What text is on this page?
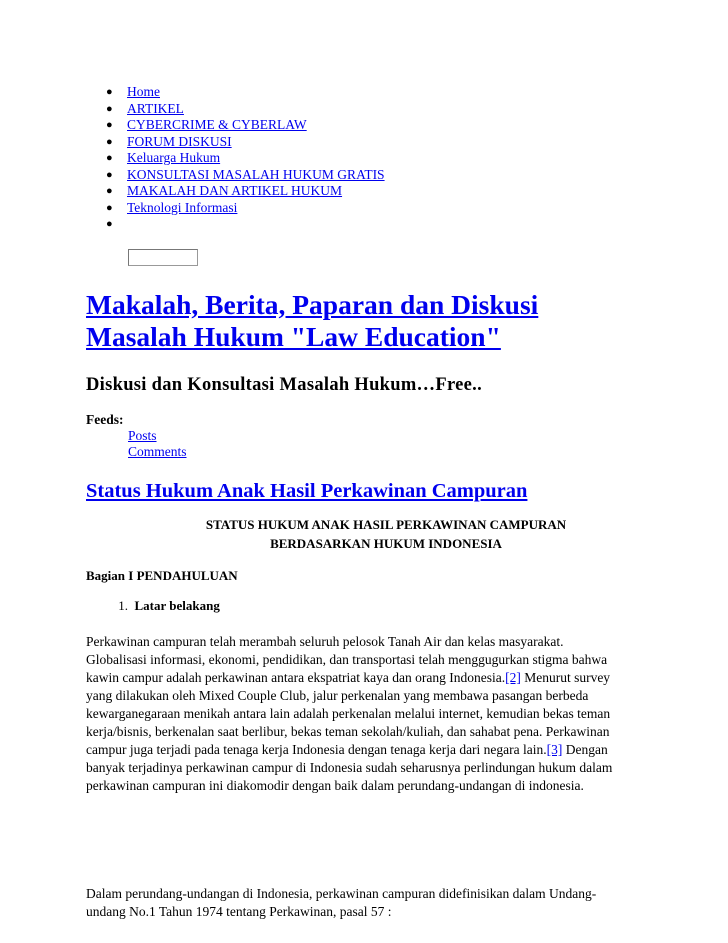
● Home
● ARTIKEL
● CYBERCRIME & CYBERLAW
● FORUM DISKUSI
● Keluarga Hukum
● KONSULTASI MASALAH HUKUM GRATIS
● MAKALAH DAN ARTIKEL HUKUM
● Teknologi Informasi
●
Makalah, Berita, Paparan dan Diskusi
Masalah Hukum "Law Education"
Diskusi dan Konsultasi Masalah Hukum…Free..
Feeds:
Posts
Comments
Status Hukum Anak Hasil Perkawinan Campuran
STATUS HUKUM ANAK HASIL PERKAWINAN CAMPURAN
BERDASARKAN HUKUM INDONESIA
Bagian I PENDAHULUAN
1. Latar belakang

Perkawinan campuran telah merambah seluruh pelosok Tanah Air dan kelas masyarakat.
Globalisasi informasi, ekonomi, pendidikan, dan transportasi telah menggugurkan stigma bahwa
kawin campur adalah perkawinan antara ekspatriat kaya dan orang Indonesia.[2] Menurut survey
yang dilakukan oleh Mixed Couple Club, jalur perkenalan yang membawa pasangan berbeda
kewarganegaraan menikah antara lain adalah perkenalan melalui internet, kemudian bekas teman
kerja/bisnis, berkenalan saat berlibur, bekas teman sekolah/kuliah, dan sahabat pena. Perkawinan
campur juga terjadi pada tenaga kerja Indonesia dengan tenaga kerja dari negara lain.[3] Dengan
banyak terjadinya perkawinan campur di Indonesia sudah seharusnya perlindungan hukum dalam
perkawinan campuran ini diakomodir dengan baik dalam perundang-undangan di indonesia.

Dalam perundang-undangan di Indonesia, perkawinan campuran didefinisikan dalam Undang-
undang No.1 Tahun 1974 tentang Perkawinan, pasal 57 :
